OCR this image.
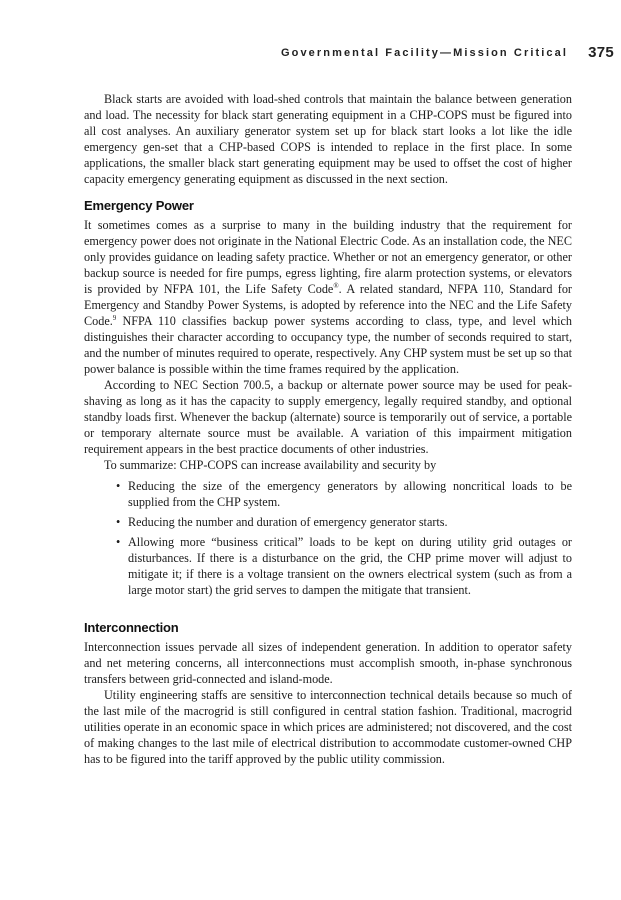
Governmental Facility—Mission Critical 375

Black starts are avoided with load-shed controls that maintain the balance between generation and load. The necessity for black start generating equipment in a CHP-COPS must be figured into all cost analyses. An auxiliary generator system set up for black start looks a lot like the idle emergency gen-set that a CHP-based COPS is intended to replace in the first place. In some applications, the smaller black start generating equipment may be used to offset the cost of higher capacity emergency generating equipment as discussed in the next section.

Emergency Power

It sometimes comes as a surprise to many in the building industry that the requirement for emergency power does not originate in the National Electric Code. As an installation code, the NEC only provides guidance on leading safety practice. Whether or not an emergency generator, or other backup source is needed for fire pumps, egress lighting, fire alarm protection systems, or elevators is provided by NFPA 101, the Life Safety Code®. A related standard, NFPA 110, Standard for Emergency and Standby Power Systems, is adopted by reference into the NEC and the Life Safety Code.$^9$ NFPA 110 classifies backup power systems according to class, type, and level which distinguishes their character according to occupancy type, the number of seconds required to start, and the number of minutes required to operate, respectively. Any CHP system must be set up so that power balance is possible within the time frames required by the application.

According to NEC Section 700.5, a backup or alternate power source may be used for peak-shaving as long as it has the capacity to supply emergency, legally required standby, and optional standby loads first. Whenever the backup (alternate) source is temporarily out of service, a portable or temporary alternate source must be available. A variation of this impairment mitigation requirement appears in the best practice documents of other industries.

To summarize: CHP-COPS can increase availability and security by

• Reducing the size of the emergency generators by allowing noncritical loads to be supplied from the CHP system.
• Reducing the number and duration of emergency generator starts.
• Allowing more “business critical” loads to be kept on during utility grid outages or disturbances. If there is a disturbance on the grid, the CHP prime mover will adjust to mitigate it; if there is a voltage transient on the owners electrical system (such as from a large motor start) the grid serves to dampen the mitigate that transient.
Interconnection

Interconnection issues pervade all sizes of independent generation. In addition to operator safety and net metering concerns, all interconnections must accomplish smooth, in-phase synchronous transfers between grid-connected and island-mode.

Utility engineering staffs are sensitive to interconnection technical details because so much of the last mile of the macrogrid is still configured in central station fashion. Traditional, macrogrid utilities operate in an economic space in which prices are administered; not discovered, and the cost of making changes to the last mile of electrical distribution to accommodate customer-owned CHP has to be figured into the tariff approved by the public utility commission.
